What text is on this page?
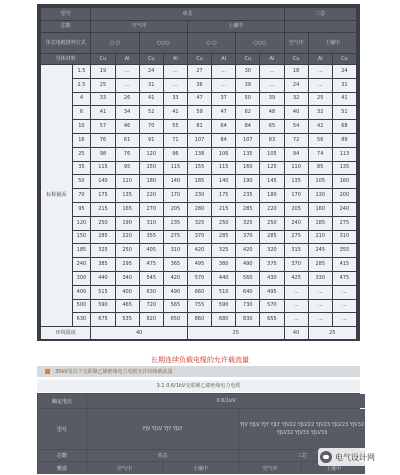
型号		单芯								三芯		
芯数		空气中				土壤中						
单芯电缆排列方式		○ ○		○○○		○ ○		○○○		空气中	土壤中	
导体材料		Cu	Al	Cu	Al	Cu	Al	Cu	Al	Cu	Al	Cu
标称截面	1.5	19	…	24	…	27	…	30	…	18	…	24
	2.5	25	…	31	…	36	…	39	…	24	…	31
	4	33	26	41	33	47	37	50	39	32	25	41
	6	41	34	52	41	59	47	62	48	40	32	51
	10	57	46	70	55	81	64	84	65	54	42	68
	16	76	61	91	71	107	84	107	83	72	56	89
	25	98	76	120	96	138	106	135	105	94	74	113
	35	115	95	150	115	155	115	160	125	110	85	135
	50	140	110	180	140	185	140	190	145	135	105	160
	70	175	135	220	170	230	175	235	180	170	130	200
	95	215	165	270	205	280	215	285	220	205	160	240
	120	250	190	310	235	325	250	325	250	240	185	275
	150	285	220	355	275	370	285	370	285	275	210	310
	185	325	250	405	310	420	325	420	320	315	245	355
	240	385	295	475	365	495	380	490	375	370	285	415
	300	440	340	545	420	570	440	560	430	425	330	475
	400	515	400	630	490	660	510	640	495	…	…	…
	500	590	465	720	565	755	590	730	570	…	…	…
	630	675	535	820	650	860	680	830	655	…	…	…
环境温度		40				25				40	25	
长期连续负载电缆的允许载流量
35kV及以下交联聚乙烯绝缘电力电缆允许持续载流量
3.1 0.6/1kV交联聚乙烯绝缘电力电缆
额定电压	0.6/1kV			
型号	YJV YJLV YJY YJLY		YJV YJLV YJY YJLY YJV22 YJLV22 YJV23 YJLV23 YJV32 YJLV32 YJV33 YJLV33	
芯数	单芯		三芯	
敷设	空气中	土壤中	空气中	土壤中
电气设计网
